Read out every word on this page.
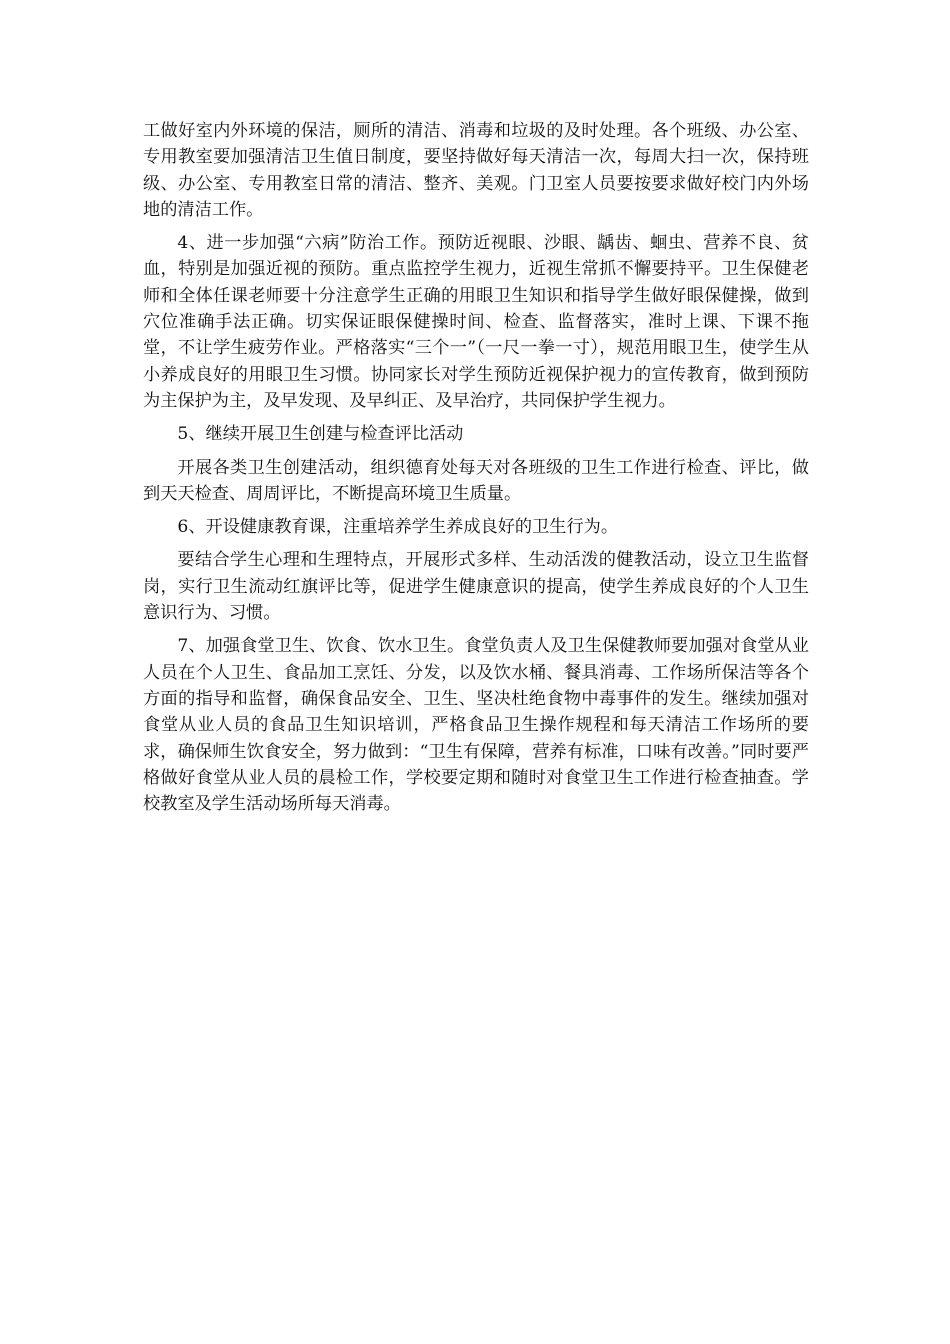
工做好室内外环境的保洁，厕所的清洁、消毒和垃圾的及时处理。各个班级、办公室、专用教室要加强清洁卫生值日制度，要坚持做好每天清洁一次，每周大扫一次，保持班级、办公室、专用教室日常的清洁、整齐、美观。门卫室人员要按要求做好校门内外场地的清洁工作。

4、进一步加强“六病”防治工作。预防近视眼、沙眼、龋齿、蛔虫、营养不良、贫血，特别是加强近视的预防。重点监控学生视力，近视生常抓不懈要持平。卫生保健老师和全体任课老师要十分注意学生正确的用眼卫生知识和指导学生做好眼保健操，做到穴位准确手法正确。切实保证眼保健操时间、检查、监督落实，准时上课、下课不拖堂，不让学生疲劳作业。严格落实“三个一”（一尺一拳一寸），规范用眼卫生，使学生从小养成良好的用眼卫生习惯。协同家长对学生预防近视保护视力的宣传教育，做到预防为主保护为主，及早发现、及早纠正、及早治疗，共同保护学生视力。

5、继续开展卫生创建与检查评比活动

开展各类卫生创建活动，组织德育处每天对各班级的卫生工作进行检查、评比，做到天天检查、周周评比，不断提高环境卫生质量。

6、开设健康教育课，注重培养学生养成良好的卫生行为。

要结合学生心理和生理特点，开展形式多样、生动活泼的健教活动，设立卫生监督岗，实行卫生流动红旗评比等，促进学生健康意识的提高，使学生养成良好的个人卫生意识行为、习惯。

7、加强食堂卫生、饮食、饮水卫生。食堂负责人及卫生保健教师要加强对食堂从业人员在个人卫生、食品加工烹饪、分发，以及饮水桶、餐具消毒、工作场所保洁等各个方面的指导和监督，确保食品安全、卫生、坚决杜绝食物中毒事件的发生。继续加强对食堂从业人员的食品卫生知识培训，严格食品卫生操作规程和每天清洁工作场所的要求，确保师生饮食安全，努力做到：“卫生有保障，营养有标准，口味有改善。”同时要严格做好食堂从业人员的晨检工作，学校要定期和随时对食堂卫生工作进行检查抽查。学校教室及学生活动场所每天消毒。
